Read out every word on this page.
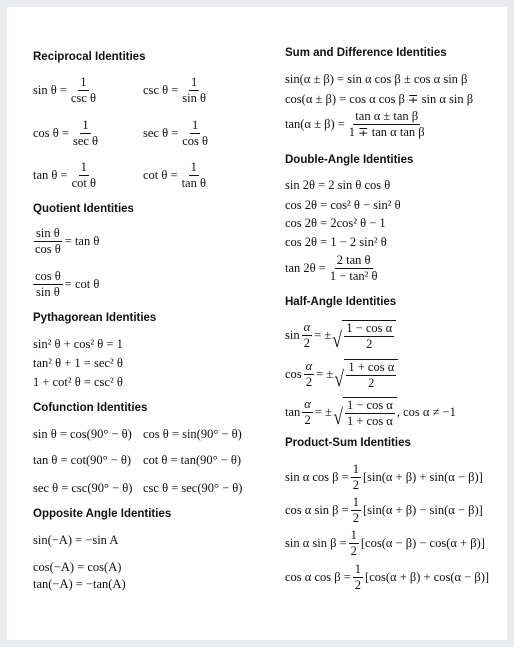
Reciprocal Identities
$\sin \theta = \frac{1}{\text{csc θ}}$	$\csc \theta = \frac{1}{\text{sin θ}}$
$\cos \theta = \frac{1}{\text{sec θ}}$	$\sec \theta = \frac{1}{\text{cos θ}}$
$\tan \theta = \frac{1}{\text{cot θ}}$	$\cot \theta = \frac{1}{\text{tan θ}}$
Quotient Identities
$\frac{\text{sin θ}}{\text{cos θ}} = \tan \theta$
$\frac{\text{cos θ}}{\text{sin θ}} = \cot \theta$
Pythagorean Identities
sin² θ + cos² θ = 1
tan² θ + 1 = sec² θ
1 + cot² θ = csc² θ
Cofunction Identities
sin θ = cos(90° − θ) cos θ = sin(90° − θ)
tan θ = cot(90° − θ) cot θ = tan(90° − θ)
sec θ = csc(90° − θ) csc θ = sec(90° − θ)
Opposite Angle Identities
sin(−A) = −sin A
cos(−A) = cos(A)
tan(−A) = −tan(A)
Sum and Difference Identities
sin(α ± β) = sin α cos β ± cos α sin β
cos(α ± β) = cos α cos β ∓ sin α sin β
$\tan(\alpha \pm \beta) = \frac{\text{tan α ± tan β}}{\text{1 ∓ tan α tan β}}$
Double-Angle Identities
sin 2θ = 2 sin θ cos θ
cos 2θ = cos² θ − sin² θ
cos 2θ = 2cos² θ − 1
cos 2θ = 1 − 2 sin² θ
$\tan 2\theta = \frac{\text{2 tan θ}}{\text{1 − tan² θ}}$
Half-Angle Identities
$\sin \frac{\alpha}{2}$ = ± √ $\frac{\text{1 − cos α}}{2}$
$\cos \frac{\alpha}{2}$ = ± √ $\frac{\text{1 + cos α}}{2}$
$\tan \frac{\alpha}{2}$ = ± √ $\frac{\text{1 − cos α}}{\text{1 + cos α}}$ , cos α ≠ −1
Product-Sum Identities
sin α $\cos \beta = \frac{1}{2} [\sin(\alpha + \beta) + \sin(\alpha - \beta)]$
cos α $\sin \beta = \frac{1}{2} [\sin(\alpha + \beta) - \sin(\alpha - \beta)]$
sin α $\sin \beta = \frac{1}{2} [\cos(\alpha - \beta) - \cos(\alpha + \beta)]$
cos α $\cos \beta = \frac{1}{2} [\cos(\alpha + \beta) + \cos(\alpha - \beta)]$
